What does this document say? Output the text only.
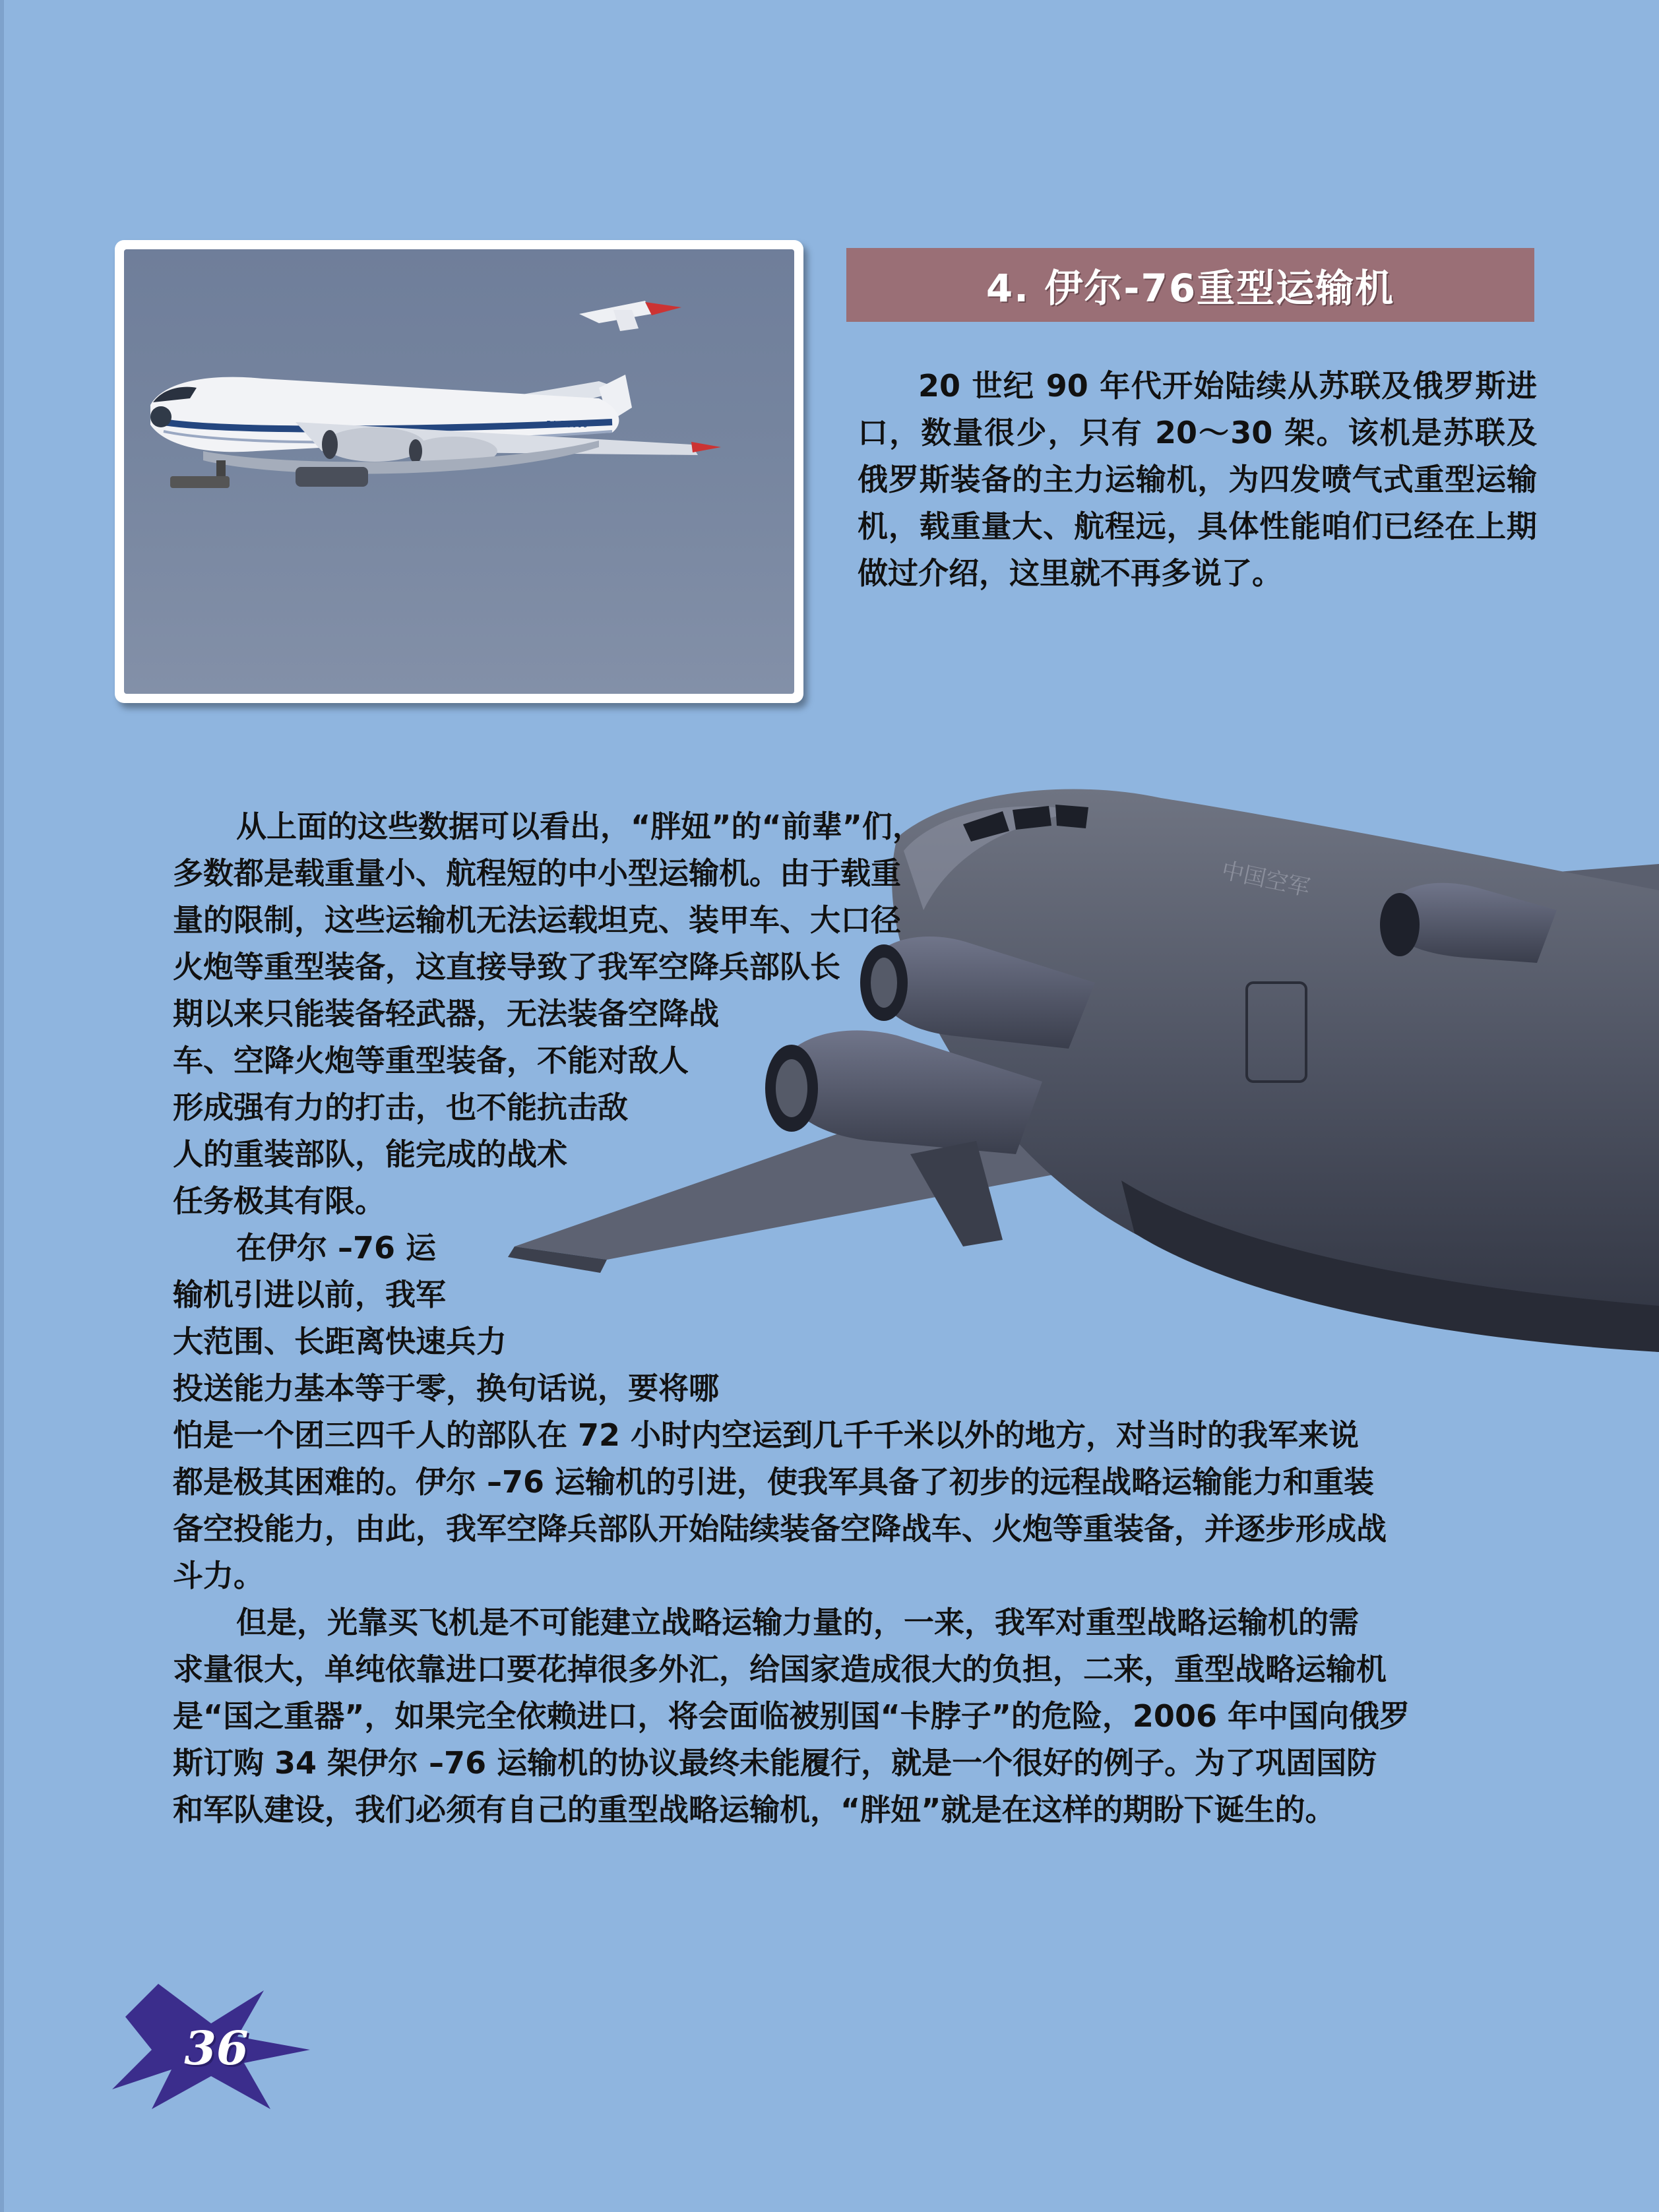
RA-76000
4. 伊尔-76重型运输机

20 世纪 90 年代开始陆续从苏联及俄罗斯进口，数量很少，只有 20～30 架。该机是苏联及俄罗斯装备的主力运输机，为四发喷气式重型运输机，载重量大、航程远，具体性能咱们已经在上期做过介绍，这里就不再多说了。

中国空军
从上面的这些数据可以看出，“胖妞”的“前辈”们，
多数都是载重量小、航程短的中小型运输机。由于载重
量的限制，这些运输机无法运载坦克、装甲车、大口径
火炮等重型装备，这直接导致了我军空降兵部队长
期以来只能装备轻武器，无法装备空降战
车、空降火炮等重型装备，不能对敌人
形成强有力的打击，也不能抗击敌
人的重装部队，能完成的战术
任务极其有限。
在伊尔 –76 运
输机引进以前，我军
大范围、长距离快速兵力
投送能力基本等于零，换句话说，要将哪
怕是一个团三四千人的部队在 72 小时内空运到几千千米以外的地方，对当时的我军来说
都是极其困难的。伊尔 –76 运输机的引进，使我军具备了初步的远程战略运输能力和重装
备空投能力，由此，我军空降兵部队开始陆续装备空降战车、火炮等重装备，并逐步形成战
斗力。
但是，光靠买飞机是不可能建立战略运输力量的，一来，我军对重型战略运输机的需
求量很大，单纯依靠进口要花掉很多外汇，给国家造成很大的负担，二来，重型战略运输机
是“国之重器”，如果完全依赖进口，将会面临被别国“卡脖子”的危险，2006 年中国向俄罗
斯订购 34 架伊尔 –76 运输机的协议最终未能履行，就是一个很好的例子。为了巩固国防
和军队建设，我们必须有自己的重型战略运输机，“胖妞”就是在这样的期盼下诞生的。
36
